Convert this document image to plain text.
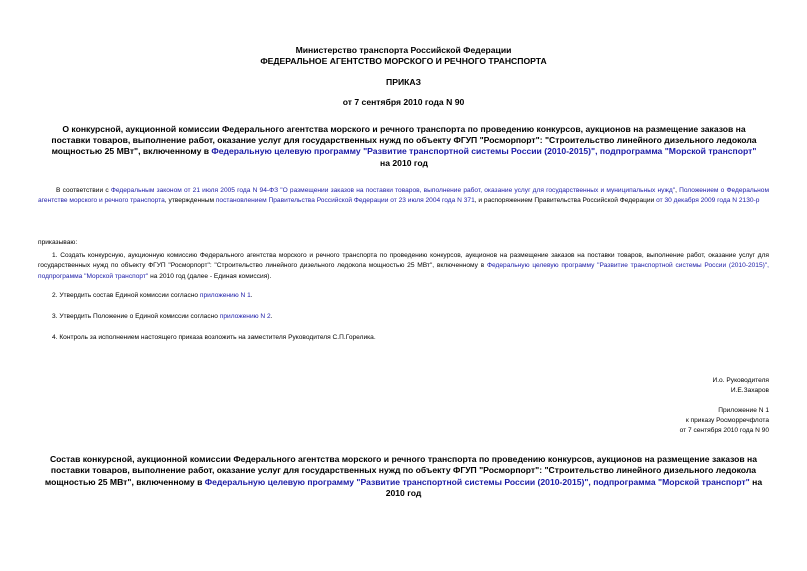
Министерство транспорта Российской Федерации
ФЕДЕРАЛЬНОЕ АГЕНТСТВО МОРСКОГО И РЕЧНОГО ТРАНСПОРТА
ПРИКАЗ
от 7 сентября 2010 года N 90
О конкурсной, аукционной комиссии Федерального агентства морского и речного транспорта по проведению конкурсов, аукционов на размещение заказов на поставки товаров, выполнение работ, оказание услуг для государственных нужд по объекту ФГУП "Росморпорт": "Строительство линейного дизельного ледокола мощностью 25 МВт", включенному в Федеральную целевую программу "Развитие транспортной системы России (2010-2015)", подпрограмма "Морской транспорт" на 2010 год
В соответствии с Федеральным законом от 21 июля 2005 года N 94-ФЗ "О размещении заказов на поставки товаров, выполнение работ, оказание услуг для государственных и муниципальных нужд", Положением о Федеральном агентстве морского и речного транспорта, утвержденным постановлением Правительства Российской Федерации от 23 июля 2004 года N 371, и распоряжением Правительства Российской Федерации от 30 декабря 2009 года N 2130-р
приказываю:
1. Создать конкурсную, аукционную комиссию Федерального агентства морского и речного транспорта по проведению конкурсов, аукционов на размещение заказов на поставки товаров, выполнение работ, оказание услуг для государственных нужд по объекту ФГУП "Росморпорт": "Строительство линейного дизельного ледокола мощностью 25 МВт", включенному в Федеральную целевую программу "Развитие транспортной системы России (2010-2015)", подпрограмма "Морской транспорт" на 2010 год (далее - Единая комиссия).
2. Утвердить состав Единой комиссии согласно приложению N 1.
3. Утвердить Положение о Единой комиссии согласно приложению N 2.
4. Контроль за исполнением настоящего приказа возложить на заместителя Руководителя С.П.Горелика.
И.о. Руководителя
И.Е.Захаров
Приложение N 1
к приказу Росморречфлота
от 7 сентября 2010 года N 90
Состав конкурсной, аукционной комиссии Федерального агентства морского и речного транспорта по проведению конкурсов, аукционов на размещение заказов на поставки товаров, выполнение работ, оказание услуг для государственных нужд по объекту ФГУП "Росморпорт": "Строительство линейного дизельного ледокола мощностью 25 МВт", включенному в Федеральную целевую программу "Развитие транспортной системы России (2010-2015)", подпрограмма "Морской транспорт" на 2010 год
